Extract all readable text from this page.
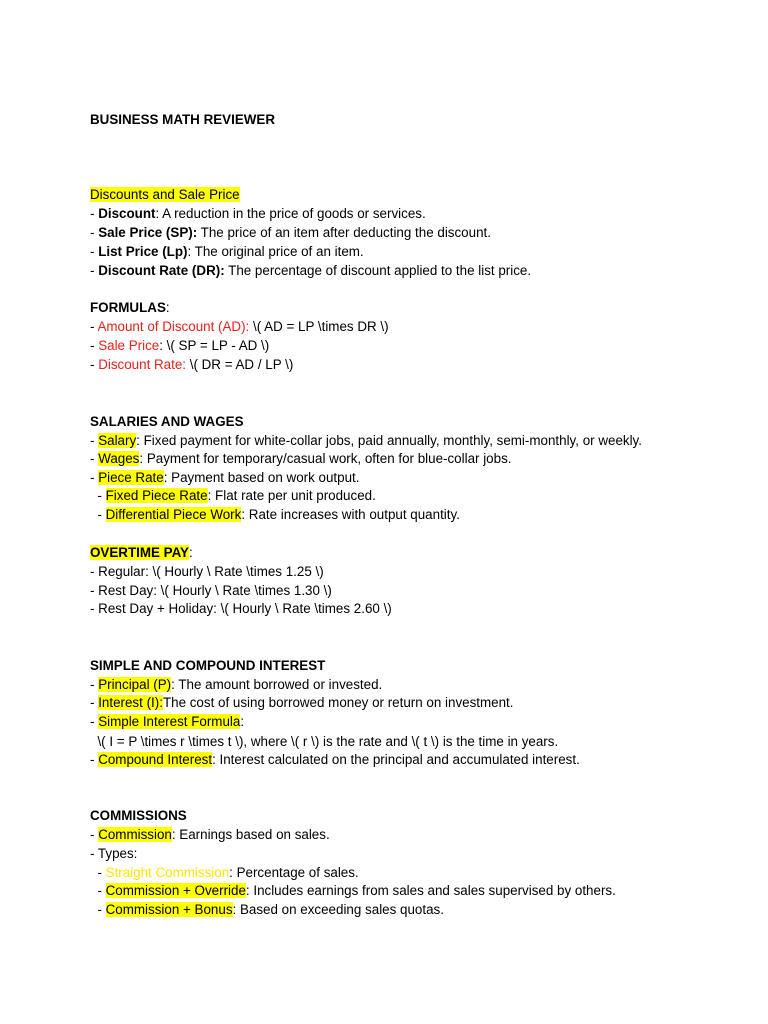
BUSINESS MATH REVIEWER
Discounts and Sale Price
- Discount: A reduction in the price of goods or services.
- Sale Price (SP): The price of an item after deducting the discount.
- List Price (Lp): The original price of an item.
- Discount Rate (DR): The percentage of discount applied to the list price.
FORMULAS:
- Amount of Discount (AD): \( AD = LP \times DR \)
- Sale Price: \( SP = LP - AD \)
- Discount Rate: \( DR = AD / LP \)
SALARIES AND WAGES
- Salary: Fixed payment for white-collar jobs, paid annually, monthly, semi-monthly, or weekly.
- Wages: Payment for temporary/casual work, often for blue-collar jobs.
- Piece Rate: Payment based on work output.
- Fixed Piece Rate: Flat rate per unit produced.
- Differential Piece Work: Rate increases with output quantity.
OVERTIME PAY:
- Regular: \( Hourly \ Rate \times 1.25 \)
- Rest Day: \( Hourly \ Rate \times 1.30 \)
- Rest Day + Holiday: \( Hourly \ Rate \times 2.60 \)
SIMPLE AND COMPOUND INTEREST
- Principal (P): The amount borrowed or invested.
- Interest (I):The cost of using borrowed money or return on investment.
- Simple Interest Formula:
\( I = P \times r \times t \), where \( r \) is the rate and \( t \) is the time in years.
- Compound Interest: Interest calculated on the principal and accumulated interest.
COMMISSIONS
- Commission: Earnings based on sales.
- Types:
- Straight Commission: Percentage of sales.
- Commission + Override: Includes earnings from sales and sales supervised by others.
- Commission + Bonus: Based on exceeding sales quotas.
